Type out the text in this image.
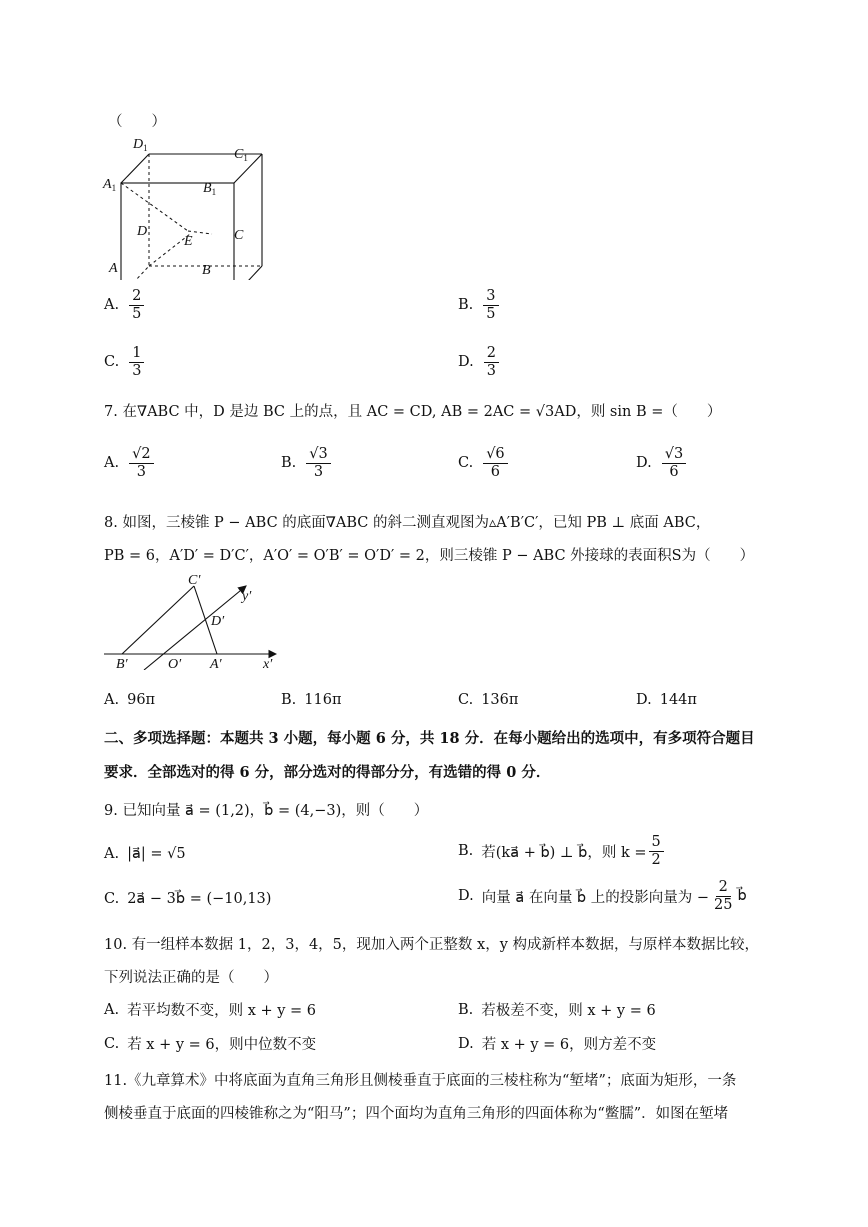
（　　）
$D_1$	$C_1$
$A_1$	$B_1$
D
E	C
A	B
A. $\frac{2}{5}$	B. $\frac{3}{5}$
C. $\frac{1}{3}$	D. $\frac{2}{3}$
7. 在∇ABC 中，D 是边 BC 上的点，且 AC = CD, AB = 2AC = √3AD，则 sin B =（　　）
A. $\frac{√2}{3}$	B. $\frac{√3}{3}$	C. $\frac{√6}{6}$	D. $\frac{√3}{6}$
8. 如图，三棱锥 P − ABC 的底面∇ABC 的斜二测直观图为▵A′B′C′，已知 PB ⊥ 底面 ABC，
PB = 6，A′D′ = D′C′，A′O′ = O′B′ = O′D′ = 2，则三棱锥 P − ABC 外接球的表面积S为（　　）
C′
y′
D′
B′	O′ A′	x′
A. 96π	B. 116π	C. 136π	D. 144π
二、多项选择题：本题共 3 小题，每小题 6 分，共 18 分．在每小题给出的选项中，有多项符合题目
要求．全部选对的得 6 分，部分选对的得部分分，有选错的得 0 分．
9. 已知向量 a⃗ = (1,2)，b⃗ = (4,−3)，则（　　）
A. |a⃗| = √5	B. 若(ka⃗ + b⃗) ⊥ b⃗，则 $k = \frac{5}{2}$
C. 2a⃗ − 3b⃗ = (−10,13)	D. 向量 a⃗ 在向量 b⃗ 上的投影向量为 − $\frac{2}{25}$ b⃗
10. 有一组样本数据 1，2，3，4，5，现加入两个正整数 x，y 构成新样本数据，与原样本数据比较，
下列说法正确的是（　　）
A. 若平均数不变，则 x + y = 6	B. 若极差不变，则 x + y = 6
C. 若 x + y = 6，则中位数不变	D. 若 x + y = 6，则方差不变
11.《九章算术》中将底面为直角三角形且侧棱垂直于底面的三棱柱称为“堑堵”；底面为矩形，一条
侧棱垂直于底面的四棱锥称之为“阳马”；四个面均为直角三角形的四面体称为“鳖臑”．如图在堑堵
